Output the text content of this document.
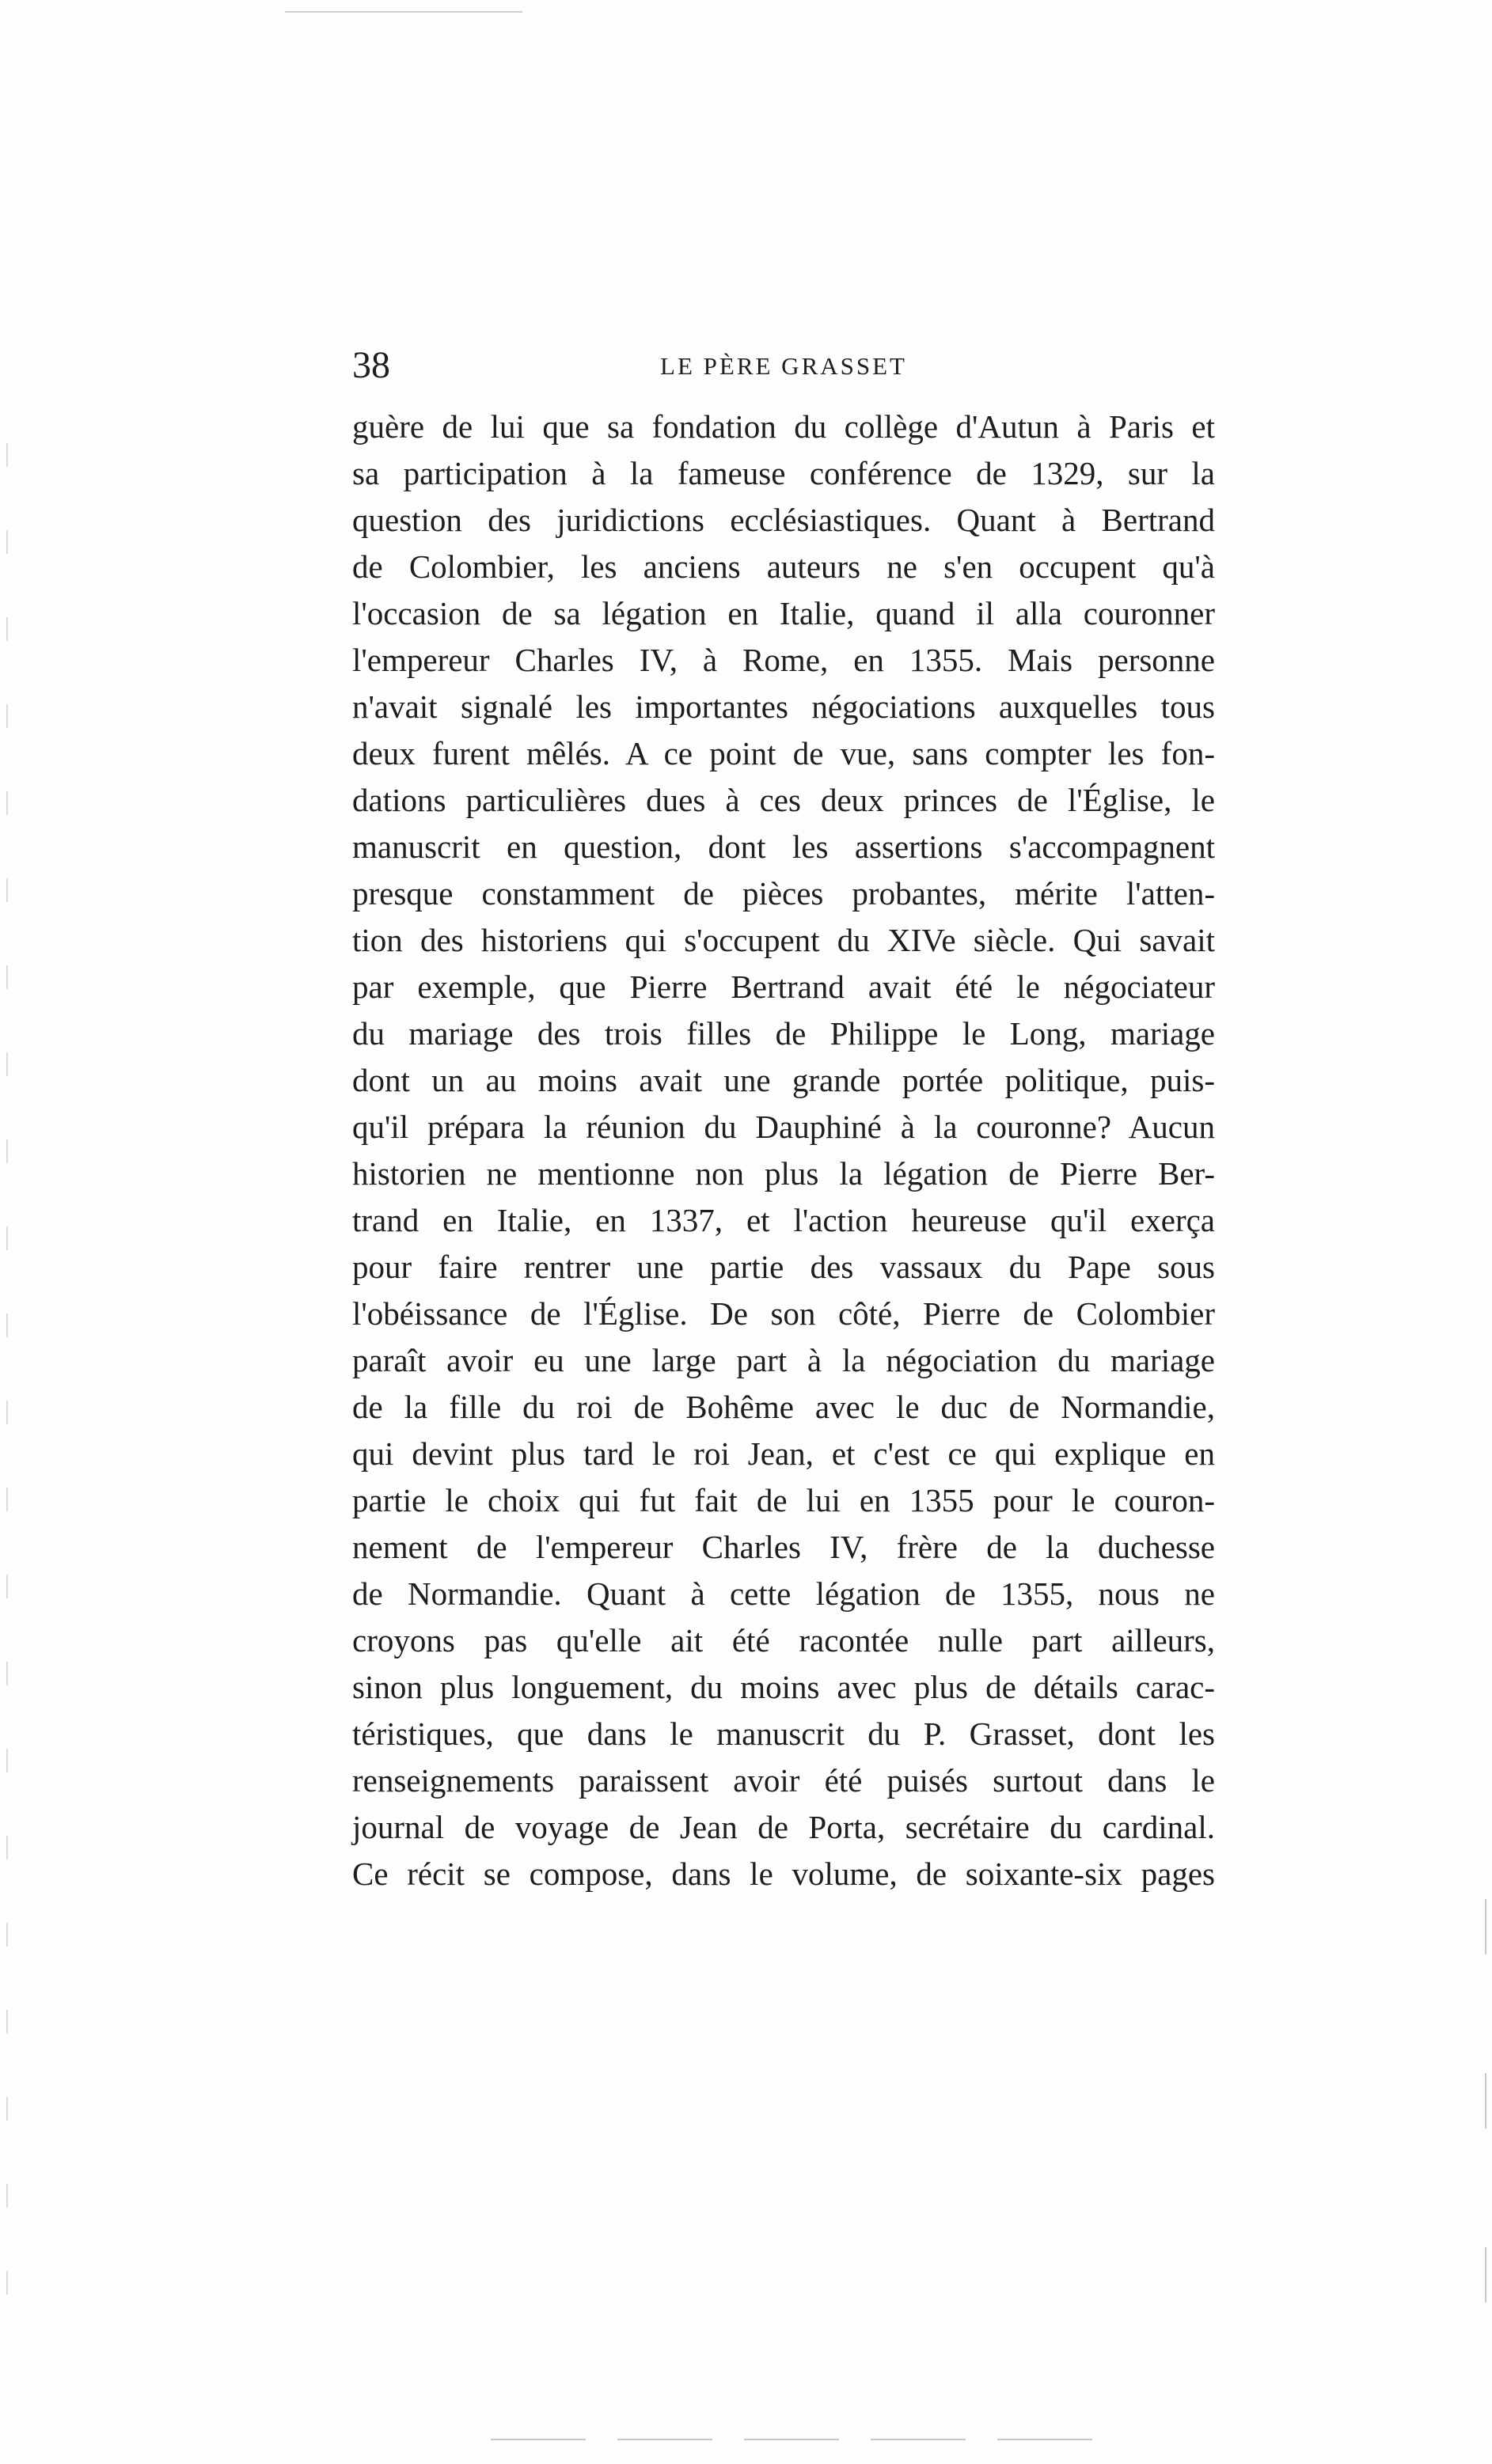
38	LE PÈRE GRASSET
guère de lui que sa fondation du collège d'Autun à Paris et
sa participation à la fameuse conférence de 1329, sur la
question des juridictions ecclésiastiques. Quant à Bertrand
de Colombier, les anciens auteurs ne s'en occupent qu'à
l'occasion de sa légation en Italie, quand il alla couronner
l'empereur Charles IV, à Rome, en 1355. Mais personne
n'avait signalé les importantes négociations auxquelles tous
deux furent mêlés. A ce point de vue, sans compter les fon-
dations particulières dues à ces deux princes de l'Église, le
manuscrit en question, dont les assertions s'accompagnent
presque constamment de pièces probantes, mérite l'atten-
tion des historiens qui s'occupent du XIVe siècle. Qui savait
par exemple, que Pierre Bertrand avait été le négociateur
du mariage des trois filles de Philippe le Long, mariage
dont un au moins avait une grande portée politique, puis-
qu'il prépara la réunion du Dauphiné à la couronne? Aucun
historien ne mentionne non plus la légation de Pierre Ber-
trand en Italie, en 1337, et l'action heureuse qu'il exerça
pour faire rentrer une partie des vassaux du Pape sous
l'obéissance de l'Église. De son côté, Pierre de Colombier
paraît avoir eu une large part à la négociation du mariage
de la fille du roi de Bohême avec le duc de Normandie,
qui devint plus tard le roi Jean, et c'est ce qui explique en
partie le choix qui fut fait de lui en 1355 pour le couron-
nement de l'empereur Charles IV, frère de la duchesse
de Normandie. Quant à cette légation de 1355, nous ne
croyons pas qu'elle ait été racontée nulle part ailleurs,
sinon plus longuement, du moins avec plus de détails carac-
téristiques, que dans le manuscrit du P. Grasset, dont les
renseignements paraissent avoir été puisés surtout dans le
journal de voyage de Jean de Porta, secrétaire du cardinal.
Ce récit se compose, dans le volume, de soixante-six pages
